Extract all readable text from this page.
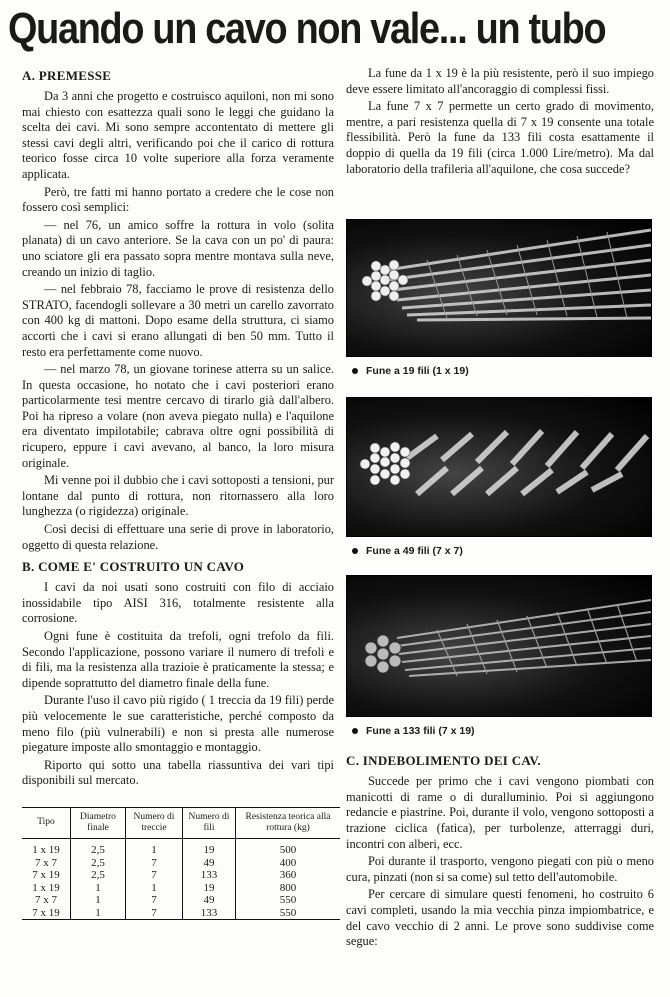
Quando un cavo non vale... un tubo
A. PREMESSE

Da 3 anni che progetto e costruisco aquiloni, non mi sono mai chiesto con esattezza quali sono le leggi che guidano la scelta dei cavi. Mi sono sempre accontentato di mettere gli stessi cavi degli altri, verificando poi che il carico di rottura teorico fosse circa 10 volte superiore alla forza veramente applicata.

Però, tre fatti mi hanno portato a credere che le cose non fossero così semplici:

— nel 76, un amico soffre la rottura in volo (solita planata) di un cavo anteriore. Se la cava con un po' di paura: uno sciatore gli era passato sopra mentre montava sulla neve, creando un inizio di taglio.

— nel febbraio 78, facciamo le prove di resistenza dello STRATO, facendogli sollevare a 30 metri un carello zavorrato con 400 kg di mattoni. Dopo esame della struttura, ci siamo accorti che i cavi si erano allungati di ben 50 mm. Tutto il resto era perfettamente come nuovo.

— nel marzo 78, un giovane torinese atterra su un salice. In questa occasione, ho notato che i cavi posteriori erano particolarmente tesi mentre cercavo di tirarlo già dall'albero. Poi ha ripreso a volare (non aveva piegato nulla) e l'aquilone era diventato impilotabile; cabrava oltre ogni possibilità di ricupero, eppure i cavi avevano, al banco, la loro misura originale.

Mi venne poi il dubbio che i cavi sottoposti a tensioni, pur lontane dal punto di rottura, non ritornassero alla loro lunghezza (o rigidezza) originale.

Così decisi di effettuare una serie di prove in laboratorio, oggetto di questa relazione.

B. COME E' COSTRUITO UN CAVO

I cavi da noi usati sono costruiti con filo di acciaio inossidabile tipo AISI 316, totalmente resistente alla corrosione.

Ogni fune è costituita da trefoli, ogni trefolo da fili. Secondo l'applicazione, possono variare il numero di trefoli e di fili, ma la resistenza alla trazioie è praticamente la stessa; e dipende soprattutto del diametro finale della fune.

Durante l'uso il cavo più rigido ( 1 treccia da 19 fili) perde più velocemente le sue caratteristiche, perché composto da meno filo (più vulnerabili) e non si presta alle numerose piegature imposte allo smontaggio e montaggio.

Riporto qui sotto una tabella riassuntiva dei vari tipi disponibili sul mercato.

Tipo	Diametro finale	Numero di treccie	Numero di fili	Resistenza teorica alla rottura (kg)

1 x 19	2,5	1	19	500
7 x 7	2,5	7	49	400
7 x 19	2,5	7	133	360
1 x 19	1	1	19	800
7 x 7	1	7	49	550
7 x 19	1	7	133	550

La fune da 1 x 19 è la più resistente, però il suo impiego deve essere limitato all'ancoraggio di complessi fissi.

La fune 7 x 7 permette un certo grado di movimento, mentre, a pari resistenza quella di 7 x 19 consente una totale flessibilità. Però la fune da 133 fili costa esattamente il doppio di quella da 19 fili (circa 1.000 Lire/metro). Ma dal laboratorio della trafileria all'aquilone, che cosa succede?

Fune a 19 fili (1 x 19)
Fune a 49 fili (7 x 7)
Fune a 133 fili (7 x 19)
C. INDEBOLIMENTO DEI CAV.

Succede per primo che i cavi vengono piombati con manicotti di rame o di duralluminio. Poi si aggiungono redancie e piastrine. Poi, durante il volo, vengono sottoposti a trazione ciclica (fatica), per turbolenze, atterraggi duri, incontri con alberi, ecc.

Poi durante il trasporto, vengono piegati con più o meno cura, pinzati (non si sa come) sul tetto dell'automobile.

Per cercare di simulare questi fenomeni, ho costruito 6 cavi completi, usando la mia vecchia pinza impiombatrice, e del cavo vecchio di 2 anni. Le prove sono suddivise come segue:
